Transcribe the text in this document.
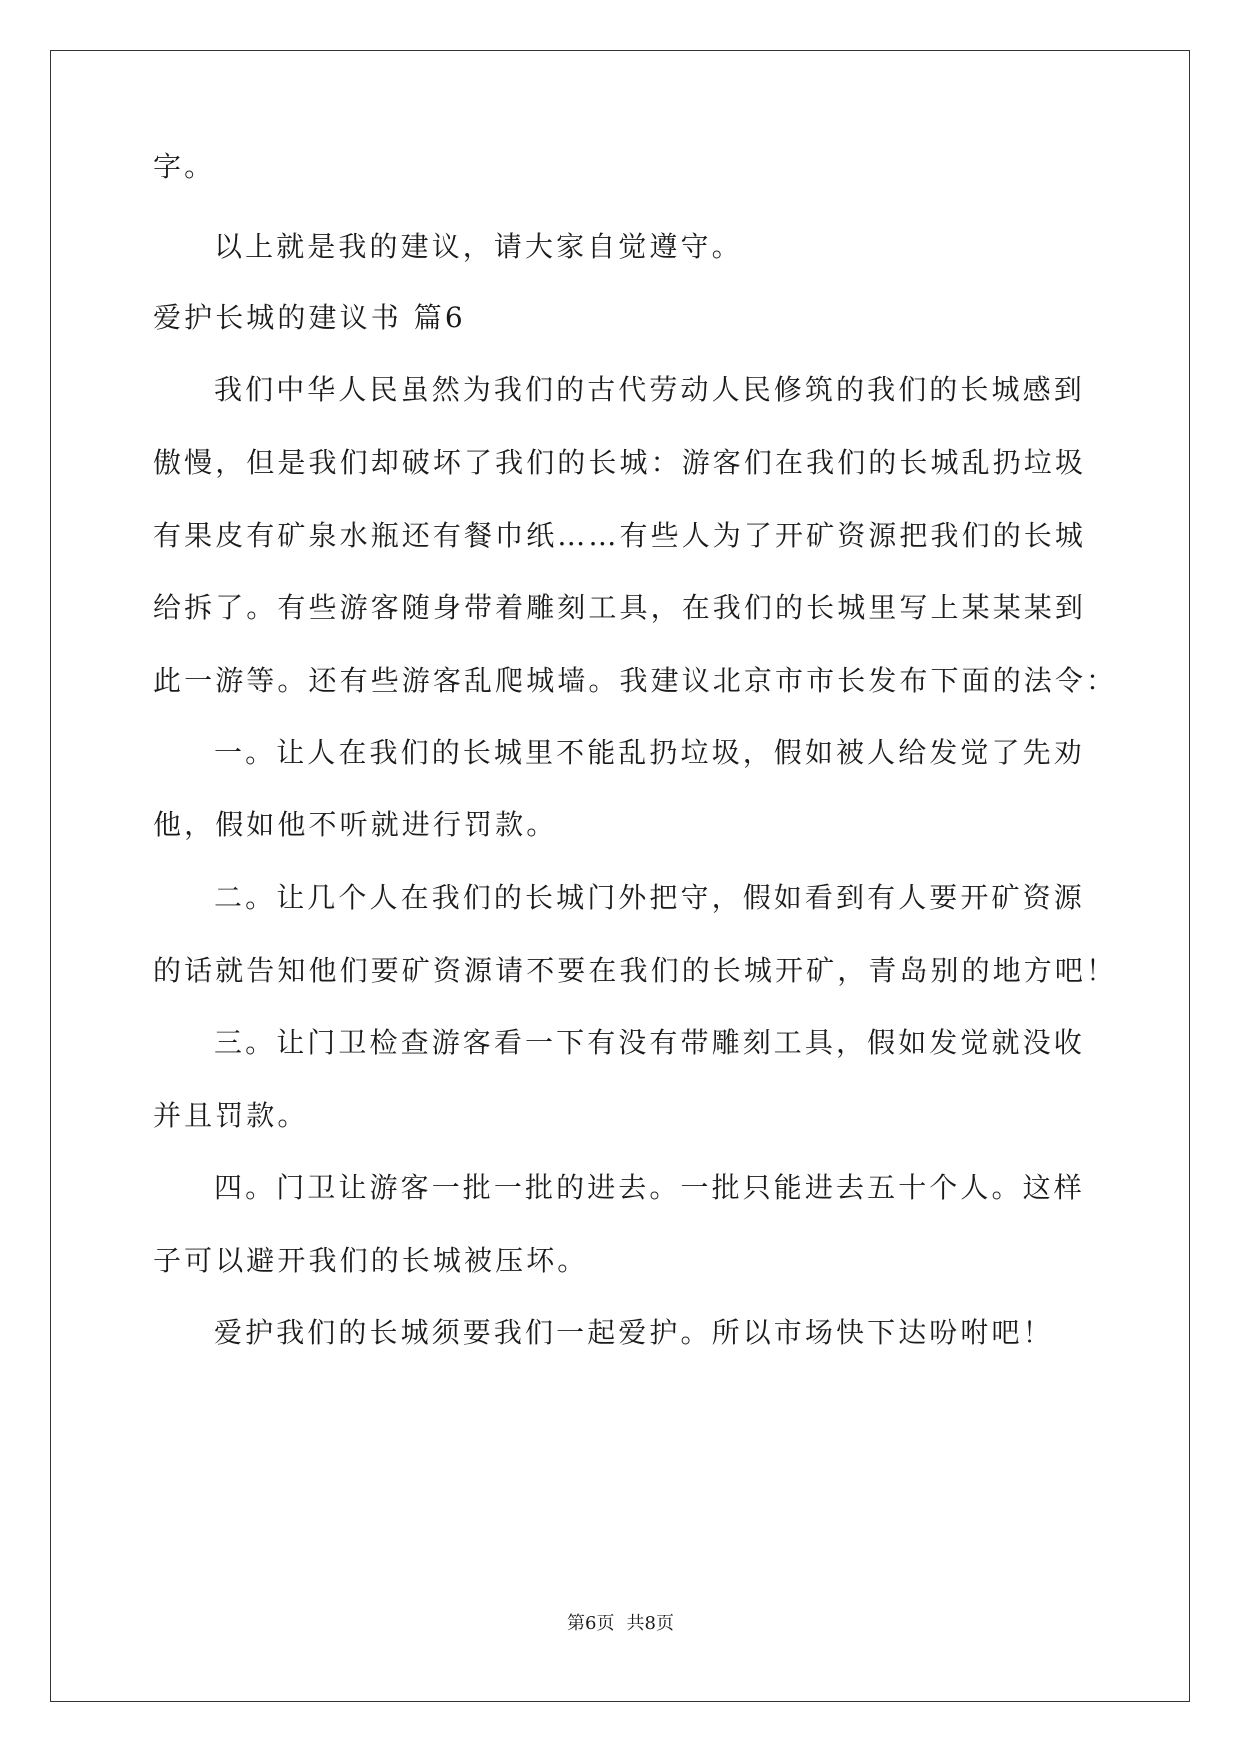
字。
以上就是我的建议，请大家自觉遵守。
爱护长城的建议书 篇6
我们中华人民虽然为我们的古代劳动人民修筑的我们的长城感到
傲慢，但是我们却破坏了我们的长城：游客们在我们的长城乱扔垃圾
有果皮有矿泉水瓶还有餐巾纸……有些人为了开矿资源把我们的长城
给拆了。有些游客随身带着雕刻工具，在我们的长城里写上某某某到
此一游等。还有些游客乱爬城墙。我建议北京市市长发布下面的法令：
一。让人在我们的长城里不能乱扔垃圾，假如被人给发觉了先劝
他，假如他不听就进行罚款。
二。让几个人在我们的长城门外把守，假如看到有人要开矿资源
的话就告知他们要矿资源请不要在我们的长城开矿，青岛别的地方吧！
三。让门卫检查游客看一下有没有带雕刻工具，假如发觉就没收
并且罚款。
四。门卫让游客一批一批的进去。一批只能进去五十个人。这样
子可以避开我们的长城被压坏。
爱护我们的长城须要我们一起爱护。所以市场快下达吩咐吧！
第6页 共8页
